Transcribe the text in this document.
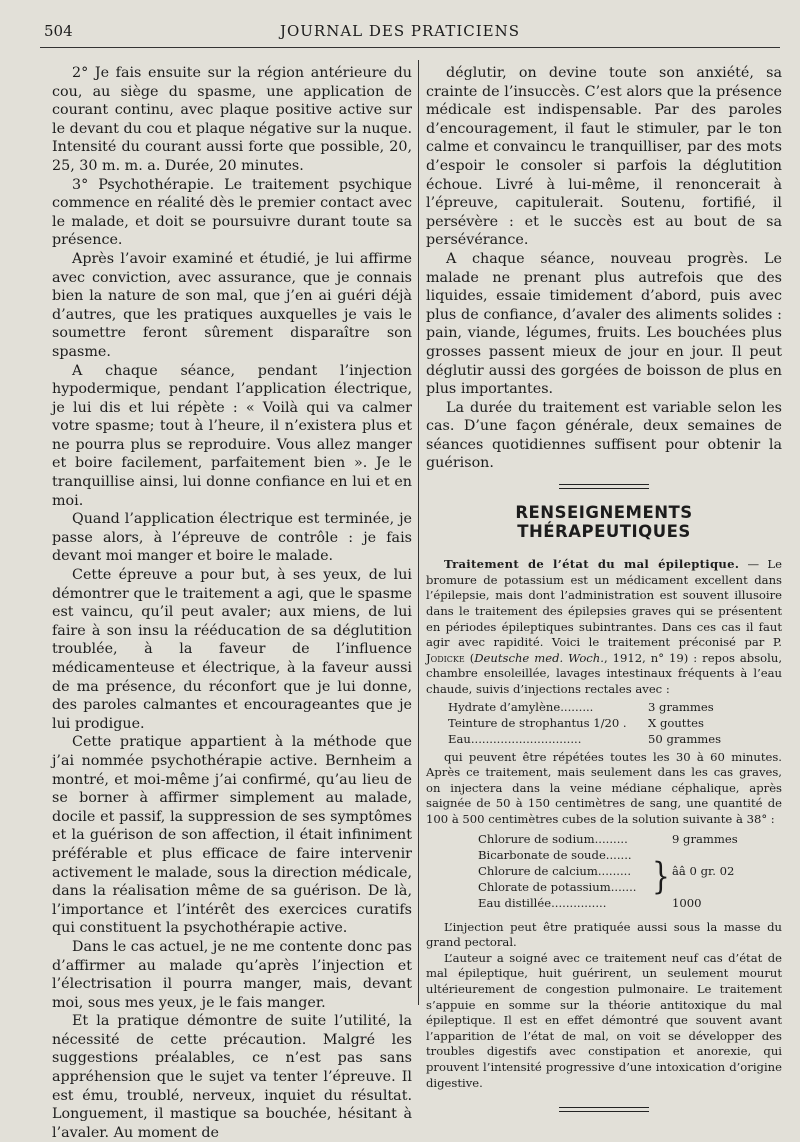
504	JOURNAL DES PRATICIENS

2° Je fais ensuite sur la région antérieure du cou, au siège du spasme, une application de courant continu, avec plaque positive active sur le devant du cou et plaque négative sur la nuque. Intensité du courant aussi forte que possible, 20, 25, 30 m. m. a. Durée, 20 minutes.

3° Psychothérapie. Le traitement psychique commence en réalité dès le premier contact avec le malade, et doit se poursuivre durant toute sa présence.

Après l’avoir examiné et étudié, je lui affirme avec conviction, avec assurance, que je connais bien la nature de son mal, que j’en ai guéri déjà d’autres, que les pratiques auxquelles je vais le soumettre feront sûrement disparaître son spasme.

A chaque séance, pendant l’injection hypodermique, pendant l’application électrique, je lui dis et lui répète : « Voilà qui va calmer votre spasme; tout à l’heure, il n’existera plus et ne pourra plus se reproduire. Vous allez manger et boire facilement, parfaitement bien ». Je le tranquillise ainsi, lui donne confiance en lui et en moi.

Quand l’application électrique est terminée, je passe alors, à l’épreuve de contrôle : je fais devant moi manger et boire le malade.

Cette épreuve a pour but, à ses yeux, de lui démontrer que le traitement a agi, que le spasme est vaincu, qu’il peut avaler; aux miens, de lui faire à son insu la rééducation de sa déglutition troublée, à la faveur de l’influence médicamenteuse et électrique, à la faveur aussi de ma présence, du réconfort que je lui donne, des paroles calmantes et encourageantes que je lui prodigue.

Cette pratique appartient à la méthode que j’ai nommée psychothérapie active. Bernheim a montré, et moi-même j’ai confirmé, qu’au lieu de se borner à affirmer simplement au malade, docile et passif, la suppression de ses symptômes et la guérison de son affection, il était infiniment préférable et plus efficace de faire intervenir activement le malade, sous la direction médicale, dans la réalisation même de sa guérison. De là, l’importance et l’intérêt des exercices curatifs qui constituent la psychothérapie active.

Dans le cas actuel, je ne me contente donc pas d’affirmer au malade qu’après l’injection et l’électrisation il pourra manger, mais, devant moi, sous mes yeux, je le fais manger.

Et la pratique démontre de suite l’utilité, la nécessité de cette précaution. Malgré les suggestions préalables, ce n’est pas sans appréhension que le sujet va tenter l’épreuve. Il est ému, troublé, nerveux, inquiet du résultat. Longuement, il mastique sa bouchée, hésitant à l’avaler. Au moment de

déglutir, on devine toute son anxiété, sa crainte de l’insuccès. C’est alors que la présence médicale est indispensable. Par des paroles d’encouragement, il faut le stimuler, par le ton calme et convaincu le tranquilliser, par des mots d’espoir le consoler si parfois la déglutition échoue. Livré à lui-même, il renoncerait à l’épreuve, capitulerait. Soutenu, fortifié, il persévère : et le succès est au bout de sa persévérance.

A chaque séance, nouveau progrès. Le malade ne prenant plus autrefois que des liquides, essaie timidement d’abord, puis avec plus de confiance, d’avaler des aliments solides : pain, viande, légumes, fruits. Les bouchées plus grosses passent mieux de jour en jour. Il peut déglutir aussi des gorgées de boisson de plus en plus importantes.

La durée du traitement est variable selon les cas. D’une façon générale, deux semaines de séances quotidiennes suffisent pour obtenir la guérison.

RENSEIGNEMENTS THÉRAPEUTIQUES

Traitement de l’état du mal épileptique. — Le bromure de potassium est un médicament excellent dans l’épilepsie, mais dont l’administration est souvent illusoire dans le traitement des épilepsies graves qui se présentent en périodes épileptiques subintrantes. Dans ces cas il faut agir avec rapidité. Voici le traitement préconisé par P. Jodicke (Deutsche med. Woch., 1912, n° 19) : repos absolu, chambre ensoleillée, lavages intestinaux fréquents à l’eau chaude, suivis d’injections rectales avec :

Hydrate d’amylène.........	3 grammes
Teinture de strophantus 1/20 .	X gouttes
Eau..............................	50 grammes

qui peuvent être répétées toutes les 30 à 60 minutes. Après ce traitement, mais seulement dans les cas graves, on injectera dans la veine médiane céphalique, après saignée de 50 à 150 centimètres de sang, une quantité de 100 à 500 centimètres cubes de la solution suivante à 38° :

Chlorure de sodium.........	9 grammes
Bicarbonate de soude.......
Chlorure de calcium.........	ââ 0 gr. 02
Chlorate de potassium.......
Eau distillée...............	1000
}

L’injection peut être pratiquée aussi sous la masse du grand pectoral.

L’auteur a soigné avec ce traitement neuf cas d’état de mal épileptique, huit guérirent, un seulement mourut ultérieurement de congestion pulmonaire. Le traitement s’appuie en somme sur la théorie antitoxique du mal épileptique. Il est en effet démontré que souvent avant l’apparition de l’état de mal, on voit se développer des troubles digestifs avec constipation et anorexie, qui prouvent l’intensité progressive d’une intoxication d’origine digestive.
